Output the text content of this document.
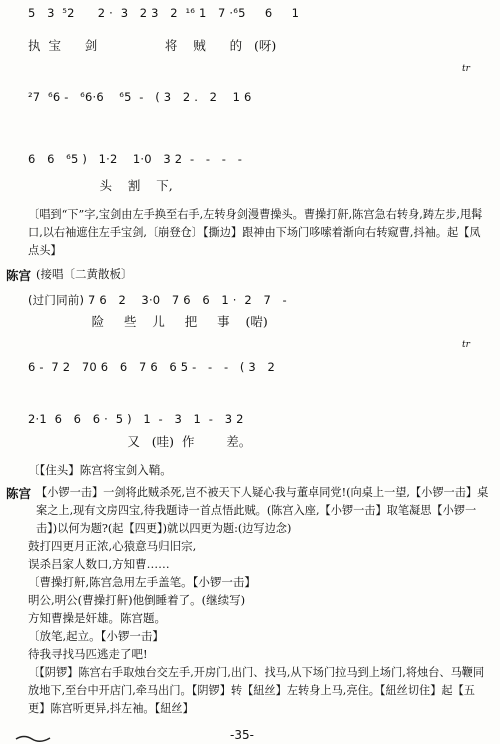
5   3  ⁵2      2 ·  3   2 3   2  ¹⁶ 1   7 ·⁶5     6     1
执  宝      剑                 将    贼      的   (呀)
tr
²7  ⁶6 -   ⁶6·6    ⁶5  -   ( 3   2 .   2    1 6
6   6   ⁶5 )   1·2    1·0   3 2  -   -   -   -
头    割    下,
〔唱到“下”字,宝剑由左手换至右手,左转身剑漫曹操头。曹操打鼾,陈宫急右转身,踌左步,甩髯口,以右袖遮住左手宝剑,〔崩登仓〕【撕边】跟神由下场门哆嗦着渐向右转窥曹,抖袖。起【凤点头】
陈宫 (接唱〔二黄散板〕
(过门同前) 7 6   2    3·0   7 6   6   1 ·  2   7   -
险     些    儿     把     事    (啱)
tr
6 -  7 2   70 6   6   7 6   6 5 -   -   -   ( 3   2
2·1  6   6   6 ·  5 )   1  -   3   1  -   3 2
又   (哇)  作        差。
〔【住头】陈宫将宝剑入鞘。
陈宫 【小锣一击】一剑将此贼杀死,岂不被天下人疑心我与董卓同党!(向桌上一望,【小锣一击】桌案之上,现有文房四宝,待我题诗一首点悟此贼。(陈宫入座,【小锣一击】取笔凝思【小锣一击】)以何为题?(起【四更】)就以四更为题:(边写边念)
鼓打四更月正浓,心猿意马归旧宗,
误杀吕家人数口,方知曹……
〔曹操打鼾,陈宫急用左手盖笔。【小锣一击】
明公,明公(曹操打鼾)他倒睡着了。(继续写)
方知曹操是奸雄。陈宫题。
〔放笔,起立。【小锣一击】
待我寻找马匹逃走了吧!
〔【阴锣】陈宫右手取烛台交左手,开房门,出门、找马,从下场门拉马到上场门,将烛台、马鞭同放地下,至台中开店门,牵马出门。【阴锣】转【紐丝】左转身上马,亮住。【紐丝切住】起【五更】陈宫听更异,抖左袖。【紐丝】
-35-
